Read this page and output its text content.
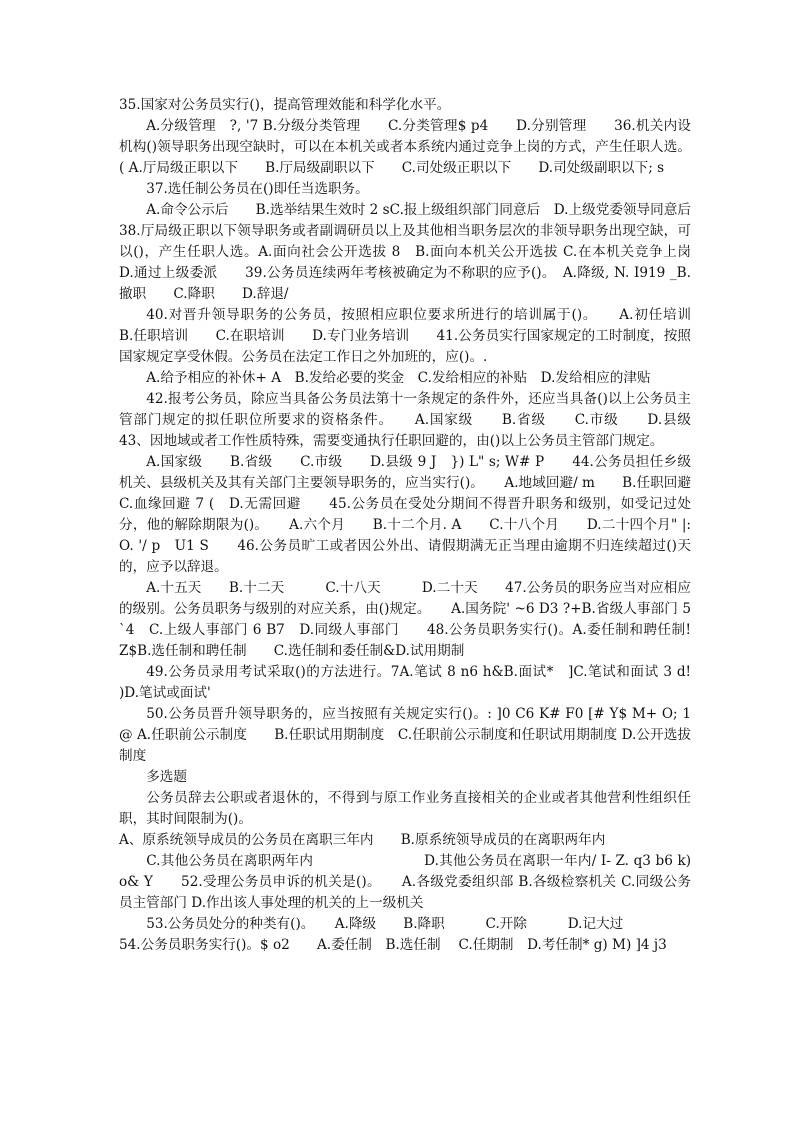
35.国家对公务员实行()，提高管理效能和科学化水平。

A.分级管理　?, '7 B.分级分类管理　　C.分类管理$ p4　　D.分别管理　　36.机关内设机构()领导职务出现空缺时，可以在本机关或者本系统内通过竞争上岗的方式，产生任职人选。( A.厅局级正职以下　　B.厅局级副职以下　　C.司处级正职以下　　D.司处级副职以下; s

37.选任制公务员在()即任当选职务。

A.命令公示后　　B.选举结果生效时 2 sC.报上级组织部门同意后　D.上级党委领导同意后　　38.厅局级正职以下领导职务或者副调研员以上及其他相当职务层次的非领导职务出现空缺，可以()，产生任职人选。A.面向社会公开选拔 8　B.面向本机关公开选拔 C.在本机关竞争上岗　D.通过上级委派　　39.公务员连续两年考核被确定为不称职的应予()。　A.降级, N. I919 _B.撤职　　C.降职　　D.辞退/

40.对晋升领导职务的公务员，按照相应职位要求所进行的培训属于()。　　A.初任培训　　B.任职培训　　C.在职培训　　D.专门业务培训　　41.公务员实行国家规定的工时制度，按照国家规定享受休假。公务员在法定工作日之外加班的，应()。.

A.给予相应的补休+ A　B.发给必要的奖金　C.发给相应的补贴　D.发给相应的津贴

42.报考公务员，除应当具备公务员法第十一条规定的条件外，还应当具备()以上公务员主管部门规定的拟任职位所要求的资格条件。　　A.国家级　　B.省级　　C.市级　　D.县级　　43、因地域或者工作性质特殊，需要变通执行任职回避的，由()以上公务员主管部门规定。

A.国家级　　B.省级　　C.市级　　D.县级 9 J　}) L" s; W# P　　44.公务员担任乡级机关、县级机关及其有关部门主要领导职务的，应当实行()。　　A.地域回避/ m　　B.任职回避　　C.血缘回避 7 (　D.无需回避　　45.公务员在受处分期间不得晋升职务和级别，如受记过处分，他的解除期限为()。　　A.六个月　　B.十二个月. A　　C.十八个月　　D.二十四个月" |: O. '/ p　U1 S　　46.公务员旷工或者因公外出、请假期满无正当理由逾期不归连续超过()天的，应予以辞退。

A.十五天　　B.十二天　　　C.十八天　　　D.二十天　　47.公务员的职务应当对应相应的级别。公务员职务与级别的对应关系，由()规定。　　A.国务院' ~6 D3 ?+B.省级人事部门 5 `4　C.上级人事部门 6 B7　D.同级人事部门　　48.公务员职务实行()。A.委任制和聘任制! Z$B.选任制和聘任制　　C.选任制和委任制&D.试用期制

49.公务员录用考试采取()的方法进行。7A.笔试 8 n6 h&B.面试*　]C.笔试和面试 3 d! )D.笔试或面试'

50.公务员晋升领导职务的，应当按照有关规定实行()。: ]0 C6 K# F0 [# Y$ M+ O; 1　@ A.任职前公示制度　　B.任职试用期制度　C.任职前公示制度和任职试用期制度 D.公开选拔制度

多选题

公务员辞去公职或者退休的，不得到与原工作业务直接相关的企业或者其他营利性组织任职，其时间限制为()。

A、原系统领导成员的公务员在离职三年内　　B.原系统领导成员的在离职两年内

C.其他公务员在离职两年内　　　　　　　　D.其他公务员在离职一年内/ I- Z. q3 b6 k) o& Y　　52.受理公务员申诉的机关是()。　　A.各级党委组织部 B.各级检察机关 C.同级公务员主管部门 D.作出该人事处理的机关的上一级机关

53.公务员处分的种类有()。　　A.降级　　B.降职　　　C.开除　　　D.记大过

54.公务员职务实行()。$ o2　　A.委任制　B.选任制　 C.任期制　D.考任制* g) M) ]4 j3
